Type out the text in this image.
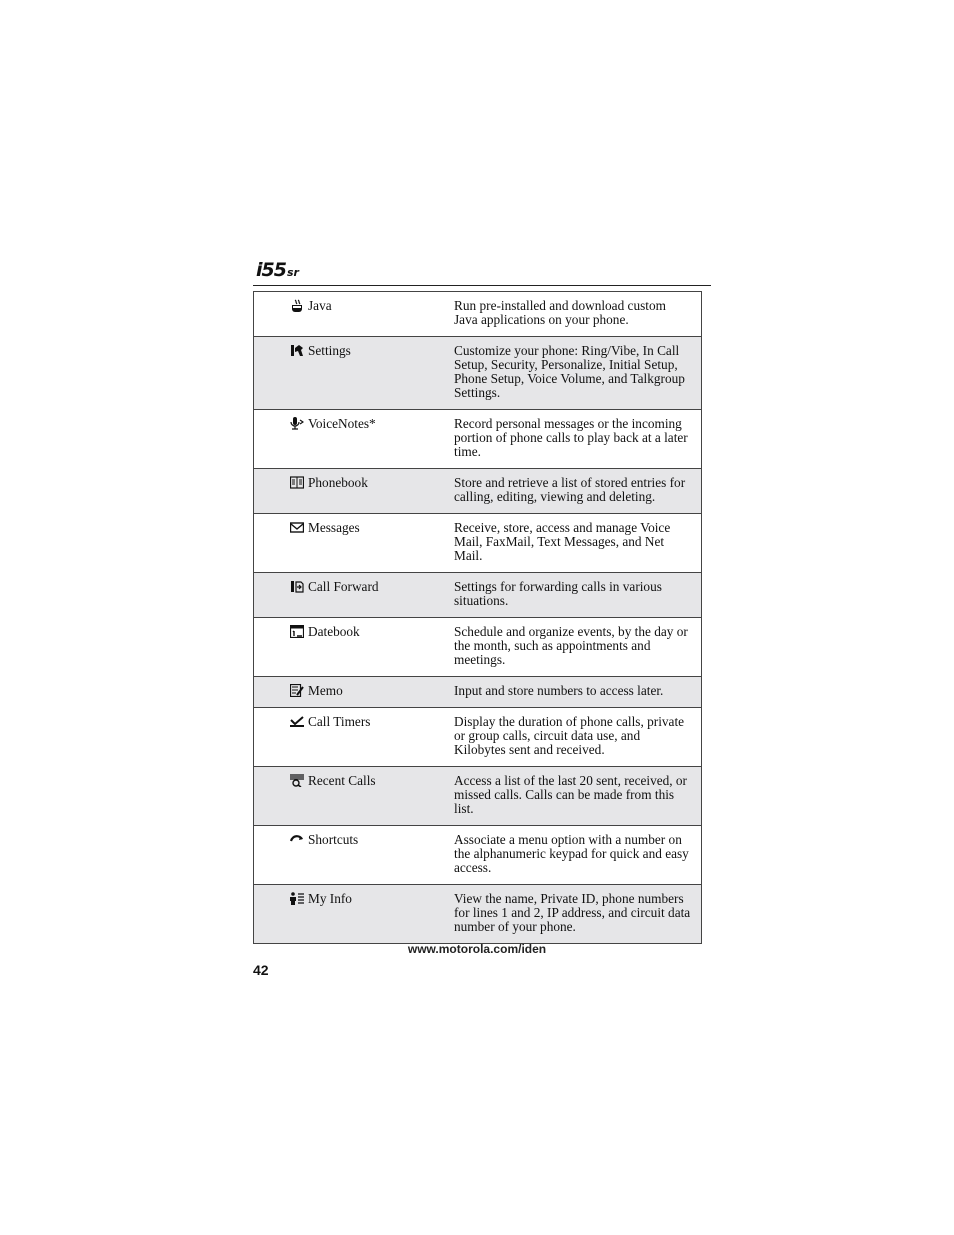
i55 sr
Java	Run pre-installed and download custom Java applications on your phone.

Settings	Customize your phone: Ring/Vibe, In Call Setup, Security, Personalize, Initial Setup, Phone Setup, Voice Volume, and Talkgroup Settings.

VoiceNotes*	Record personal messages or the incoming portion of phone calls to play back at a later time.

Phonebook	Store and retrieve a list of stored entries for calling, editing, viewing and deleting.

Messages	Receive, store, access and manage Voice Mail, FaxMail, Text Messages, and Net Mail.

Call Forward	Settings for forwarding calls in various situations.

Datebook	Schedule and organize events, by the day or the month, such as appointments and meetings.

Memo	Input and store numbers to access later.

Call Timers	Display the duration of phone calls, private or group calls, circuit data use, and Kilobytes sent and received.

Recent Calls	Access a list of the last 20 sent, received, or missed calls. Calls can be made from this list.

Shortcuts	Associate a menu option with a number on the alphanumeric keypad for quick and easy access.

My Info	View the name, Private ID, phone numbers for lines 1 and 2, IP address, and circuit data number of your phone.
www.motorola.com/iden
42
